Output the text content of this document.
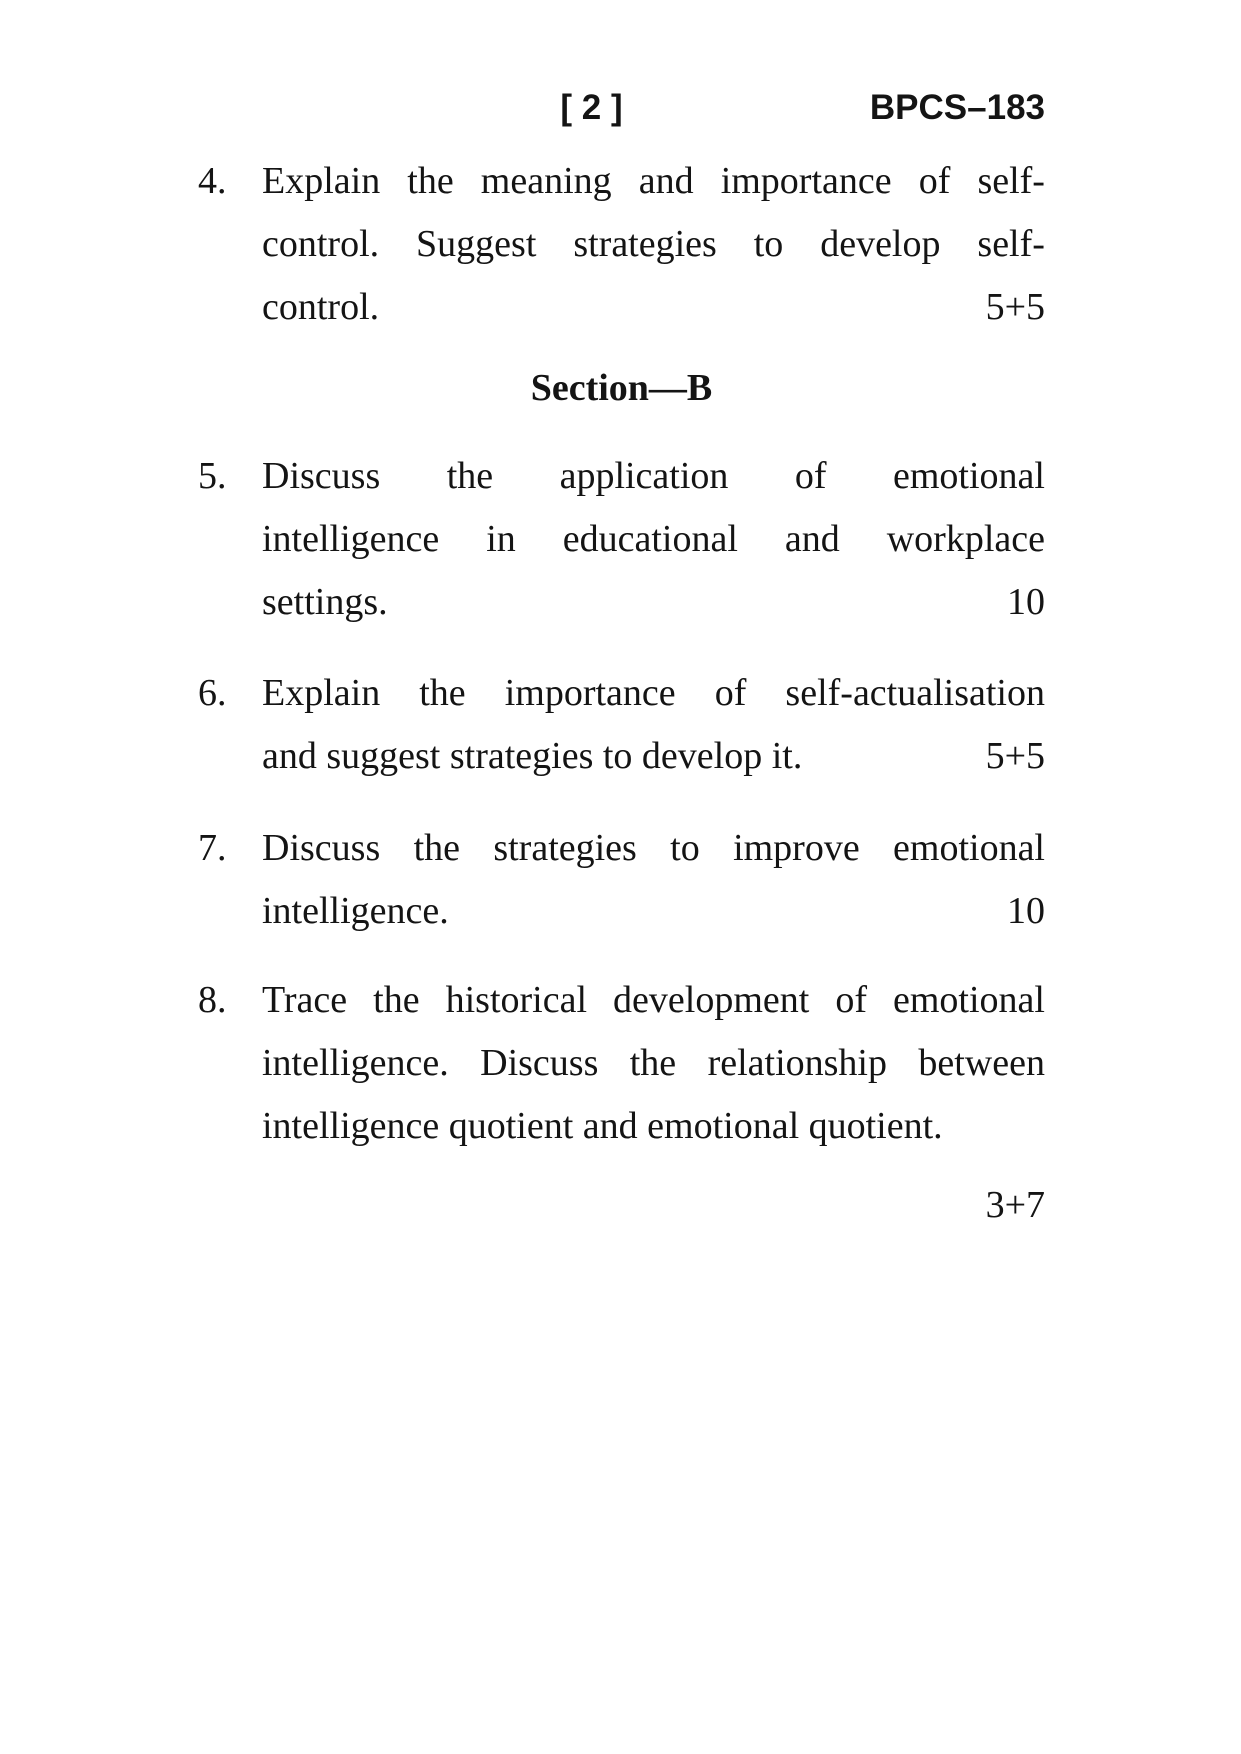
[ 2 ]	BPCS–183
4. Explain the meaning and importance of self-
control. Suggest strategies to develop self-
control.	5+5
Section—B
5. Discuss the application of emotional
intelligence in educational and workplace
settings.	10
6. Explain the importance of self-actualisation
and suggest strategies to develop it.	5+5
7. Discuss the strategies to improve emotional
intelligence.	10
8. Trace the historical development of emotional
intelligence. Discuss the relationship between
intelligence quotient and emotional quotient.
3+7
